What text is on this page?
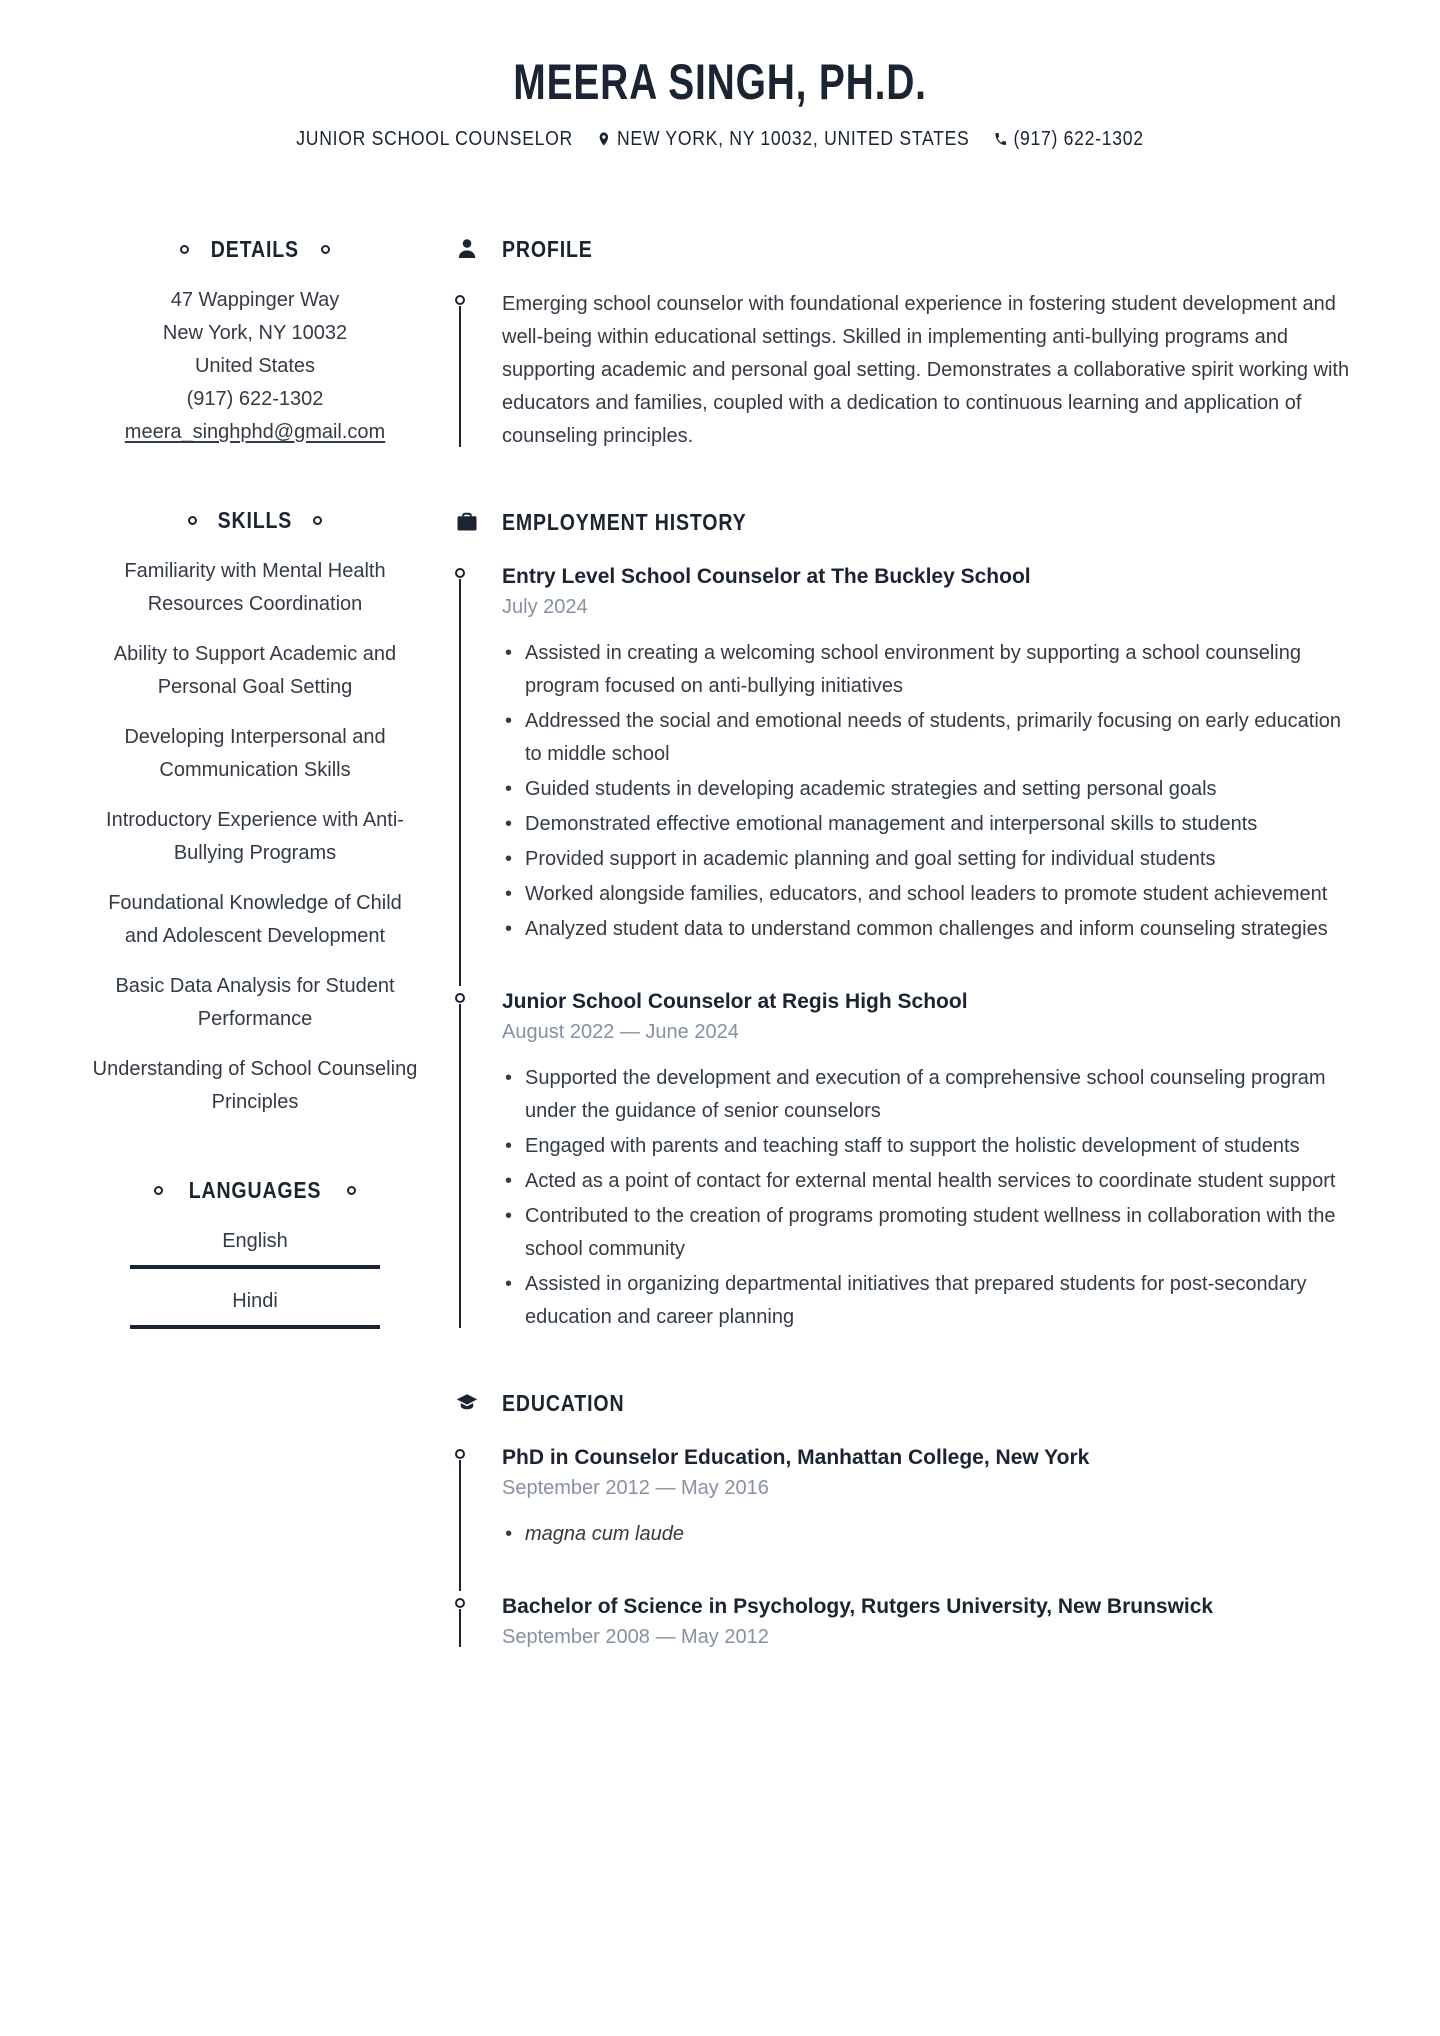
MEERA SINGH, PH.D.
JUNIOR SCHOOL COUNSELOR NEW YORK, NY 10032, UNITED STATES (917) 622-1302
DETAILS
47 Wappinger Way
New York, NY 10032
United States
(917) 622-1302
meera_singhphd@gmail.com
SKILLS
Familiarity with Mental Health Resources Coordination
Ability to Support Academic and Personal Goal Setting
Developing Interpersonal and Communication Skills
Introductory Experience with Anti-Bullying Programs
Foundational Knowledge of Child and Adolescent Development
Basic Data Analysis for Student Performance
Understanding of School Counseling Principles
LANGUAGES
English
Hindi
PROFILE
Emerging school counselor with foundational experience in fostering student development and well-being within educational settings. Skilled in implementing anti-bullying programs and supporting academic and personal goal setting. Demonstrates a collaborative spirit working with educators and families, coupled with a dedication to continuous learning and application of counseling principles.
EMPLOYMENT HISTORY
Entry Level School Counselor at The Buckley School
July 2024
• Assisted in creating a welcoming school environment by supporting a school counseling program focused on anti-bullying initiatives
• Addressed the social and emotional needs of students, primarily focusing on early education to middle school
• Guided students in developing academic strategies and setting personal goals
• Demonstrated effective emotional management and interpersonal skills to students
• Provided support in academic planning and goal setting for individual students
• Worked alongside families, educators, and school leaders to promote student achievement
• Analyzed student data to understand common challenges and inform counseling strategies
Junior School Counselor at Regis High School
August 2022 — June 2024
• Supported the development and execution of a comprehensive school counseling program under the guidance of senior counselors
• Engaged with parents and teaching staff to support the holistic development of students
• Acted as a point of contact for external mental health services to coordinate student support
• Contributed to the creation of programs promoting student wellness in collaboration with the school community
• Assisted in organizing departmental initiatives that prepared students for post-secondary education and career planning
EDUCATION
PhD in Counselor Education, Manhattan College, New York
September 2012 — May 2016
• magna cum laude
Bachelor of Science in Psychology, Rutgers University, New Brunswick
September 2008 — May 2012
